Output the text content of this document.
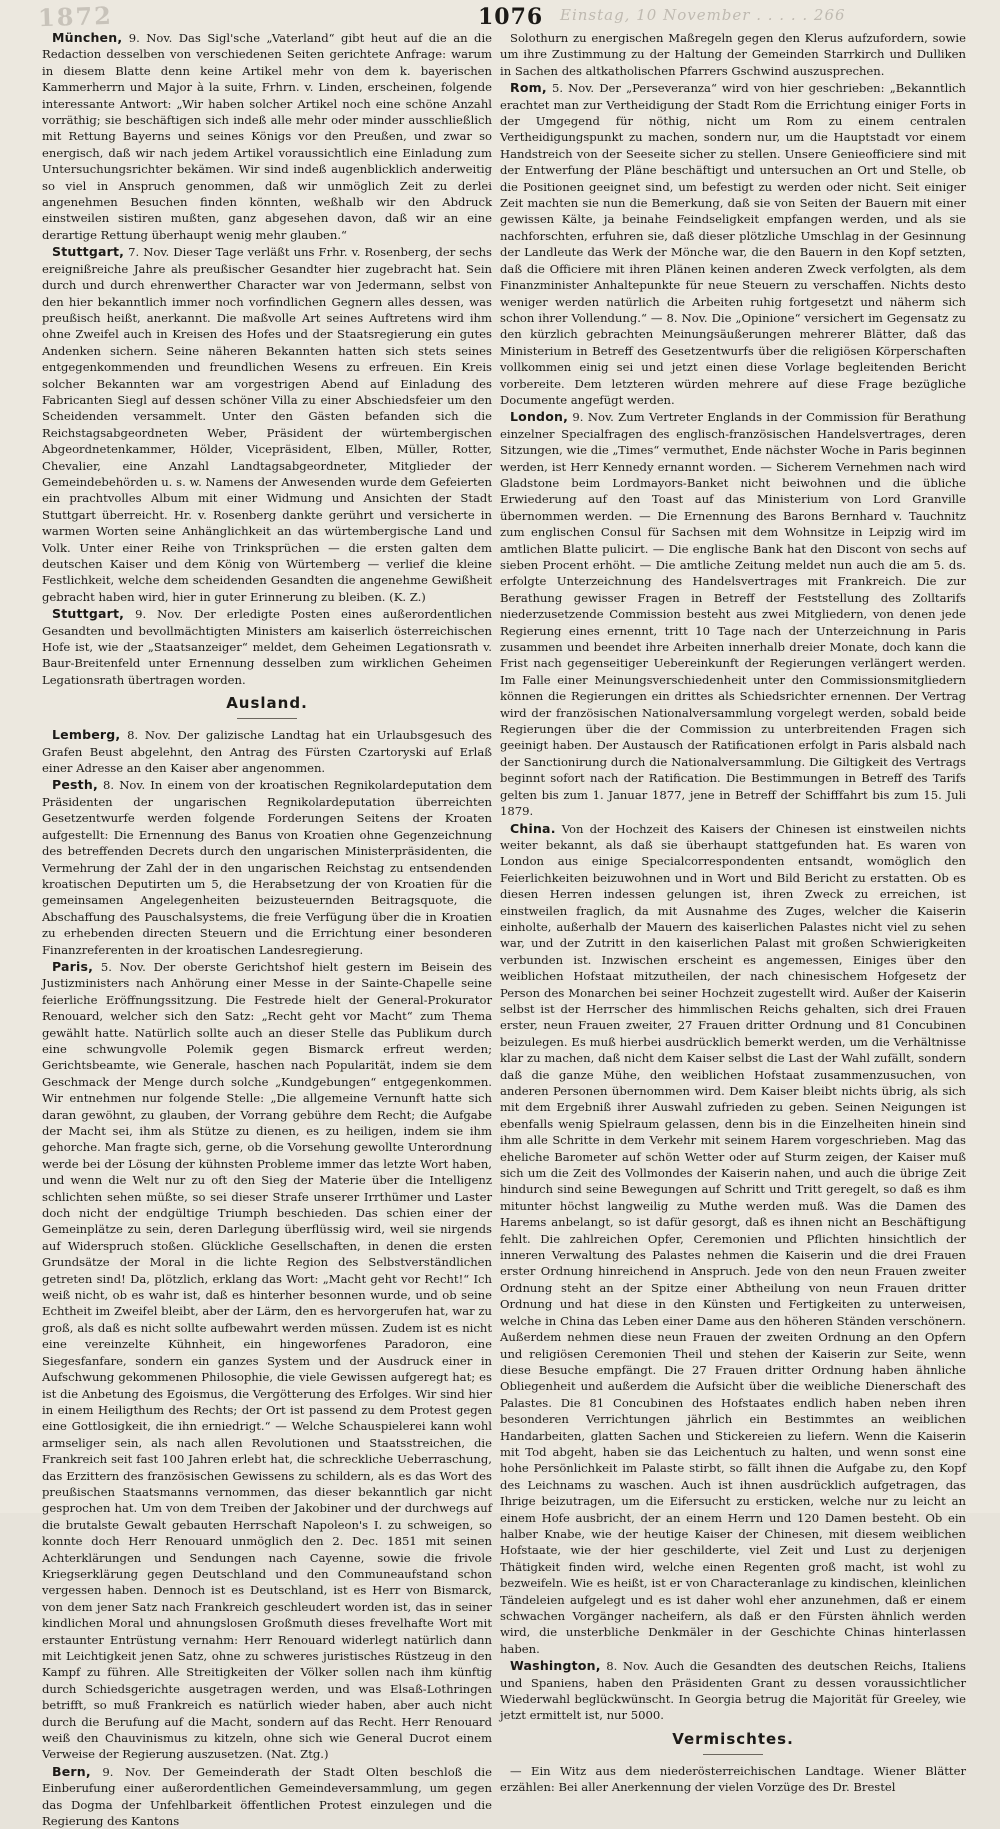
1872	Einstag, 10 November . . . . . 266
1076

München, 9. Nov. Das Sigl'sche „Vaterland“ gibt heut auf die an die Redaction desselben von verschiedenen Seiten gerichtete Anfrage: warum in diesem Blatte denn keine Artikel mehr von dem k. bayerischen Kammerherrn und Major à la suite, Frhrn. v. Linden, erscheinen, folgende interessante Antwort: „Wir haben solcher Artikel noch eine schöne Anzahl vorräthig; sie beschäftigen sich indeß alle mehr oder minder ausschließlich mit Rettung Bayerns und seines Königs vor den Preußen, und zwar so energisch, daß wir nach jedem Artikel voraussichtlich eine Einladung zum Untersuchungsrichter bekämen. Wir sind indeß augenblicklich anderweitig so viel in Anspruch genommen, daß wir unmöglich Zeit zu derlei angenehmen Besuchen finden könnten, weßhalb wir den Abdruck einstweilen sistiren mußten, ganz abgesehen davon, daß wir an eine derartige Rettung überhaupt wenig mehr glauben.“

Stuttgart, 7. Nov. Dieser Tage verläßt uns Frhr. v. Rosenberg, der sechs ereignißreiche Jahre als preußischer Gesandter hier zugebracht hat. Sein durch und durch ehrenwerther Character war von Jedermann, selbst von den hier bekanntlich immer noch vorfindlichen Gegnern alles dessen, was preußisch heißt, anerkannt. Die maßvolle Art seines Auftretens wird ihm ohne Zweifel auch in Kreisen des Hofes und der Staatsregierung ein gutes Andenken sichern. Seine näheren Bekannten hatten sich stets seines entgegenkommenden und freundlichen Wesens zu erfreuen. Ein Kreis solcher Bekannten war am vorgestrigen Abend auf Einladung des Fabricanten Siegl auf dessen schöner Villa zu einer Abschiedsfeier um den Scheidenden versammelt. Unter den Gästen befanden sich die Reichstagsabgeordneten Weber, Präsident der würtembergischen Abgeordnetenkammer, Hölder, Vicepräsident, Elben, Müller, Rotter, Chevalier, eine Anzahl Landtagsabgeordneter, Mitglieder der Gemeindebehörden u. s. w. Namens der Anwesenden wurde dem Gefeierten ein prachtvolles Album mit einer Widmung und Ansichten der Stadt Stuttgart überreicht. Hr. v. Rosenberg dankte gerührt und versicherte in warmen Worten seine Anhänglichkeit an das würtembergische Land und Volk. Unter einer Reihe von Trinksprüchen — die ersten galten dem deutschen Kaiser und dem König von Würtemberg — verlief die kleine Festlichkeit, welche dem scheidenden Gesandten die angenehme Gewißheit gebracht haben wird, hier in guter Erinnerung zu bleiben. (K. Z.)

Stuttgart, 9. Nov. Der erledigte Posten eines außerordentlichen Gesandten und bevollmächtigten Ministers am kaiserlich österreichischen Hofe ist, wie der „Staatsanzeiger“ meldet, dem Geheimen Legationsrath v. Baur-Breitenfeld unter Ernennung desselben zum wirklichen Geheimen Legationsrath übertragen worden.

Ausland.

Lemberg, 8. Nov. Der galizische Landtag hat ein Urlaubsgesuch des Grafen Beust abgelehnt, den Antrag des Fürsten Czartoryski auf Erlaß einer Adresse an den Kaiser aber angenommen.

Pesth, 8. Nov. In einem von der kroatischen Regnikolardeputation dem Präsidenten der ungarischen Regnikolardeputation überreichten Gesetzentwurfe werden folgende Forderungen Seitens der Kroaten aufgestellt: Die Ernennung des Banus von Kroatien ohne Gegenzeichnung des betreffenden Decrets durch den ungarischen Ministerpräsidenten, die Vermehrung der Zahl der in den ungarischen Reichstag zu entsendenden kroatischen Deputirten um 5, die Herabsetzung der von Kroatien für die gemeinsamen Angelegenheiten beizusteuernden Beitragsquote, die Abschaffung des Pauschalsystems, die freie Verfügung über die in Kroatien zu erhebenden directen Steuern und die Errichtung einer besonderen Finanzreferenten in der kroatischen Landesregierung.

Paris, 5. Nov. Der oberste Gerichtshof hielt gestern im Beisein des Justizministers nach Anhörung einer Messe in der Sainte-Chapelle seine feierliche Eröffnungssitzung. Die Festrede hielt der General-Prokurator Renouard, welcher sich den Satz: „Recht geht vor Macht“ zum Thema gewählt hatte. Natürlich sollte auch an dieser Stelle das Publikum durch eine schwungvolle Polemik gegen Bismarck erfreut werden; Gerichtsbeamte, wie Generale, haschen nach Popularität, indem sie dem Geschmack der Menge durch solche „Kundgebungen“ entgegenkommen. Wir entnehmen nur folgende Stelle: „Die allgemeine Vernunft hatte sich daran gewöhnt, zu glauben, der Vorrang gebühre dem Recht; die Aufgabe der Macht sei, ihm als Stütze zu dienen, es zu heiligen, indem sie ihm gehorche. Man fragte sich, gerne, ob die Vorsehung gewollte Unterordnung werde bei der Lösung der kühnsten Probleme immer das letzte Wort haben, und wenn die Welt nur zu oft den Sieg der Materie über die Intelligenz schlichten sehen müßte, so sei dieser Strafe unserer Irrthümer und Laster doch nicht der endgültige Triumph beschieden. Das schien einer der Gemeinplätze zu sein, deren Darlegung überflüssig wird, weil sie nirgends auf Widerspruch stoßen. Glückliche Gesellschaften, in denen die ersten Grundsätze der Moral in die lichte Region des Selbstverständlichen getreten sind! Da, plötzlich, erklang das Wort: „Macht geht vor Recht!“ Ich weiß nicht, ob es wahr ist, daß es hinterher besonnen wurde, und ob seine Echtheit im Zweifel bleibt, aber der Lärm, den es hervorgerufen hat, war zu groß, als daß es nicht sollte aufbewahrt werden müssen. Zudem ist es nicht eine vereinzelte Kühnheit, ein hingeworfenes Paradoron, eine Siegesfanfare, sondern ein ganzes System und der Ausdruck einer in Aufschwung gekommenen Philosophie, die viele Gewissen aufgeregt hat; es ist die Anbetung des Egoismus, die Vergötterung des Erfolges. Wir sind hier in einem Heiligthum des Rechts; der Ort ist passend zu dem Protest gegen eine Gottlosigkeit, die ihn erniedrigt.“ — Welche Schauspielerei kann wohl armseliger sein, als nach allen Revolutionen und Staatsstreichen, die Frankreich seit fast 100 Jahren erlebt hat, die schreckliche Ueberraschung, das Erzittern des französischen Gewissens zu schildern, als es das Wort des preußischen Staatsmanns vernommen, das dieser bekanntlich gar nicht gesprochen hat. Um von dem Treiben der Jakobiner und der durchwegs auf die brutalste Gewalt gebauten Herrschaft Napoleon's I. zu schweigen, so konnte doch Herr Renouard unmöglich den 2. Dec. 1851 mit seinen Achterklärungen und Sendungen nach Cayenne, sowie die frivole Kriegserklärung gegen Deutschland und den Communeaufstand schon vergessen haben. Dennoch ist es Deutschland, ist es Herr von Bismarck, von dem jener Satz nach Frankreich geschleudert worden ist, das in seiner kindlichen Moral und ahnungslosen Großmuth dieses frevelhafte Wort mit erstaunter Entrüstung vernahm: Herr Renouard widerlegt natürlich dann mit Leichtigkeit jenen Satz, ohne zu schweres juristisches Rüstzeug in den Kampf zu führen. Alle Streitigkeiten der Völker sollen nach ihm künftig durch Schiedsgerichte ausgetragen werden, und was Elsaß-Lothringen betrifft, so muß Frankreich es natürlich wieder haben, aber auch nicht durch die Berufung auf die Macht, sondern auf das Recht. Herr Renouard weiß den Chauvinismus zu kitzeln, ohne sich wie General Ducrot einem Verweise der Regierung auszusetzen. (Nat. Ztg.)

Bern, 9. Nov. Der Gemeinderath der Stadt Olten beschloß die Einberufung einer außerordentlichen Gemeindeversammlung, um gegen das Dogma der Unfehlbarkeit öffentlichen Protest einzulegen und die Regierung des Kantons

Solothurn zu energischen Maßregeln gegen den Klerus aufzufordern, sowie um ihre Zustimmung zu der Haltung der Gemeinden Starrkirch und Dulliken in Sachen des altkatholischen Pfarrers Gschwind auszusprechen.

Rom, 5. Nov. Der „Perseveranza“ wird von hier geschrieben: „Bekanntlich erachtet man zur Vertheidigung der Stadt Rom die Errichtung einiger Forts in der Umgegend für nöthig, nicht um Rom zu einem centralen Vertheidigungspunkt zu machen, sondern nur, um die Hauptstadt vor einem Handstreich von der Seeseite sicher zu stellen. Unsere Genieofficiere sind mit der Entwerfung der Pläne beschäftigt und untersuchen an Ort und Stelle, ob die Positionen geeignet sind, um befestigt zu werden oder nicht. Seit einiger Zeit machten sie nun die Bemerkung, daß sie von Seiten der Bauern mit einer gewissen Kälte, ja beinahe Feindseligkeit empfangen werden, und als sie nachforschten, erfuhren sie, daß dieser plötzliche Umschlag in der Gesinnung der Landleute das Werk der Mönche war, die den Bauern in den Kopf setzten, daß die Officiere mit ihren Plänen keinen anderen Zweck verfolgten, als dem Finanzminister Anhaltepunkte für neue Steuern zu verschaffen. Nichts desto weniger werden natürlich die Arbeiten ruhig fortgesetzt und näherm sich schon ihrer Vollendung.“ — 8. Nov. Die „Opinione“ versichert im Gegensatz zu den kürzlich gebrachten Meinungsäußerungen mehrerer Blätter, daß das Ministerium in Betreff des Gesetzentwurfs über die religiösen Körperschaften vollkommen einig sei und jetzt einen diese Vorlage begleitenden Bericht vorbereite. Dem letzteren würden mehrere auf diese Frage bezügliche Documente angefügt werden.

London, 9. Nov. Zum Vertreter Englands in der Commission für Berathung einzelner Specialfragen des englisch-französischen Handelsvertrages, deren Sitzungen, wie die „Times“ vermuthet, Ende nächster Woche in Paris beginnen werden, ist Herr Kennedy ernannt worden. — Sicherem Vernehmen nach wird Gladstone beim Lordmayors-Banket nicht beiwohnen und die übliche Erwiederung auf den Toast auf das Ministerium von Lord Granville übernommen werden. — Die Ernennung des Barons Bernhard v. Tauchnitz zum englischen Consul für Sachsen mit dem Wohnsitze in Leipzig wird im amtlichen Blatte pulicirt. — Die englische Bank hat den Discont von sechs auf sieben Procent erhöht. — Die amtliche Zeitung meldet nun auch die am 5. ds. erfolgte Unterzeichnung des Handelsvertrages mit Frankreich. Die zur Berathung gewisser Fragen in Betreff der Feststellung des Zolltarifs niederzusetzende Commission besteht aus zwei Mitgliedern, von denen jede Regierung eines ernennt, tritt 10 Tage nach der Unterzeichnung in Paris zusammen und beendet ihre Arbeiten innerhalb dreier Monate, doch kann die Frist nach gegenseitiger Uebereinkunft der Regierungen verlängert werden. Im Falle einer Meinungsverschiedenheit unter den Commissionsmitgliedern können die Regierungen ein drittes als Schiedsrichter ernennen. Der Vertrag wird der französischen Nationalversammlung vorgelegt werden, sobald beide Regierungen über die der Commission zu unterbreitenden Fragen sich geeinigt haben. Der Austausch der Ratificationen erfolgt in Paris alsbald nach der Sanctionirung durch die Nationalversammlung. Die Giltigkeit des Vertrags beginnt sofort nach der Ratification. Die Bestimmungen in Betreff des Tarifs gelten bis zum 1. Januar 1877, jene in Betreff der Schifffahrt bis zum 15. Juli 1879.

China. Von der Hochzeit des Kaisers der Chinesen ist einstweilen nichts weiter bekannt, als daß sie überhaupt stattgefunden hat. Es waren von London aus einige Specialcorrespondenten entsandt, womöglich den Feierlichkeiten beizuwohnen und in Wort und Bild Bericht zu erstatten. Ob es diesen Herren indessen gelungen ist, ihren Zweck zu erreichen, ist einstweilen fraglich, da mit Ausnahme des Zuges, welcher die Kaiserin einholte, außerhalb der Mauern des kaiserlichen Palastes nicht viel zu sehen war, und der Zutritt in den kaiserlichen Palast mit großen Schwierigkeiten verbunden ist. Inzwischen erscheint es angemessen, Einiges über den weiblichen Hofstaat mitzutheilen, der nach chinesischem Hofgesetz der Person des Monarchen bei seiner Hochzeit zugestellt wird. Außer der Kaiserin selbst ist der Herrscher des himmlischen Reichs gehalten, sich drei Frauen erster, neun Frauen zweiter, 27 Frauen dritter Ordnung und 81 Concubinen beizulegen. Es muß hierbei ausdrücklich bemerkt werden, um die Verhältnisse klar zu machen, daß nicht dem Kaiser selbst die Last der Wahl zufällt, sondern daß die ganze Mühe, den weiblichen Hofstaat zusammenzusuchen, von anderen Personen übernommen wird. Dem Kaiser bleibt nichts übrig, als sich mit dem Ergebniß ihrer Auswahl zufrieden zu geben. Seinen Neigungen ist ebenfalls wenig Spielraum gelassen, denn bis in die Einzelheiten hinein sind ihm alle Schritte in dem Verkehr mit seinem Harem vorgeschrieben. Mag das eheliche Barometer auf schön Wetter oder auf Sturm zeigen, der Kaiser muß sich um die Zeit des Vollmondes der Kaiserin nahen, und auch die übrige Zeit hindurch sind seine Bewegungen auf Schritt und Tritt geregelt, so daß es ihm mitunter höchst langweilig zu Muthe werden muß. Was die Damen des Harems anbelangt, so ist dafür gesorgt, daß es ihnen nicht an Beschäftigung fehlt. Die zahlreichen Opfer, Ceremonien und Pflichten hinsichtlich der inneren Verwaltung des Palastes nehmen die Kaiserin und die drei Frauen erster Ordnung hinreichend in Anspruch. Jede von den neun Frauen zweiter Ordnung steht an der Spitze einer Abtheilung von neun Frauen dritter Ordnung und hat diese in den Künsten und Fertigkeiten zu unterweisen, welche in China das Leben einer Dame aus den höheren Ständen verschönern. Außerdem nehmen diese neun Frauen der zweiten Ordnung an den Opfern und religiösen Ceremonien Theil und stehen der Kaiserin zur Seite, wenn diese Besuche empfängt. Die 27 Frauen dritter Ordnung haben ähnliche Obliegenheit und außerdem die Aufsicht über die weibliche Dienerschaft des Palastes. Die 81 Concubinen des Hofstaates endlich haben neben ihren besonderen Verrichtungen jährlich ein Bestimmtes an weiblichen Handarbeiten, glatten Sachen und Stickereien zu liefern. Wenn die Kaiserin mit Tod abgeht, haben sie das Leichentuch zu halten, und wenn sonst eine hohe Persönlichkeit im Palaste stirbt, so fällt ihnen die Aufgabe zu, den Kopf des Leichnams zu waschen. Auch ist ihnen ausdrücklich aufgetragen, das Ihrige beizutragen, um die Eifersucht zu ersticken, welche nur zu leicht an einem Hofe ausbricht, der an einem Herrn und 120 Damen besteht. Ob ein halber Knabe, wie der heutige Kaiser der Chinesen, mit diesem weiblichen Hofstaate, wie der hier geschilderte, viel Zeit und Lust zu derjenigen Thätigkeit finden wird, welche einen Regenten groß macht, ist wohl zu bezweifeln. Wie es heißt, ist er von Characteranlage zu kindischen, kleinlichen Tändeleien aufgelegt und es ist daher wohl eher anzunehmen, daß er einem schwachen Vorgänger nacheifern, als daß er den Fürsten ähnlich werden wird, die unsterbliche Denkmäler in der Geschichte Chinas hinterlassen haben.

Washington, 8. Nov. Auch die Gesandten des deutschen Reichs, Italiens und Spaniens, haben den Präsidenten Grant zu dessen voraussichtlicher Wiederwahl beglückwünscht. In Georgia betrug die Majorität für Greeley, wie jetzt ermittelt ist, nur 5000.

Vermischtes.

— Ein Witz aus dem niederösterreichischen Landtage. Wiener Blätter erzählen: Bei aller Anerkennung der vielen Vorzüge des Dr. Brestel
